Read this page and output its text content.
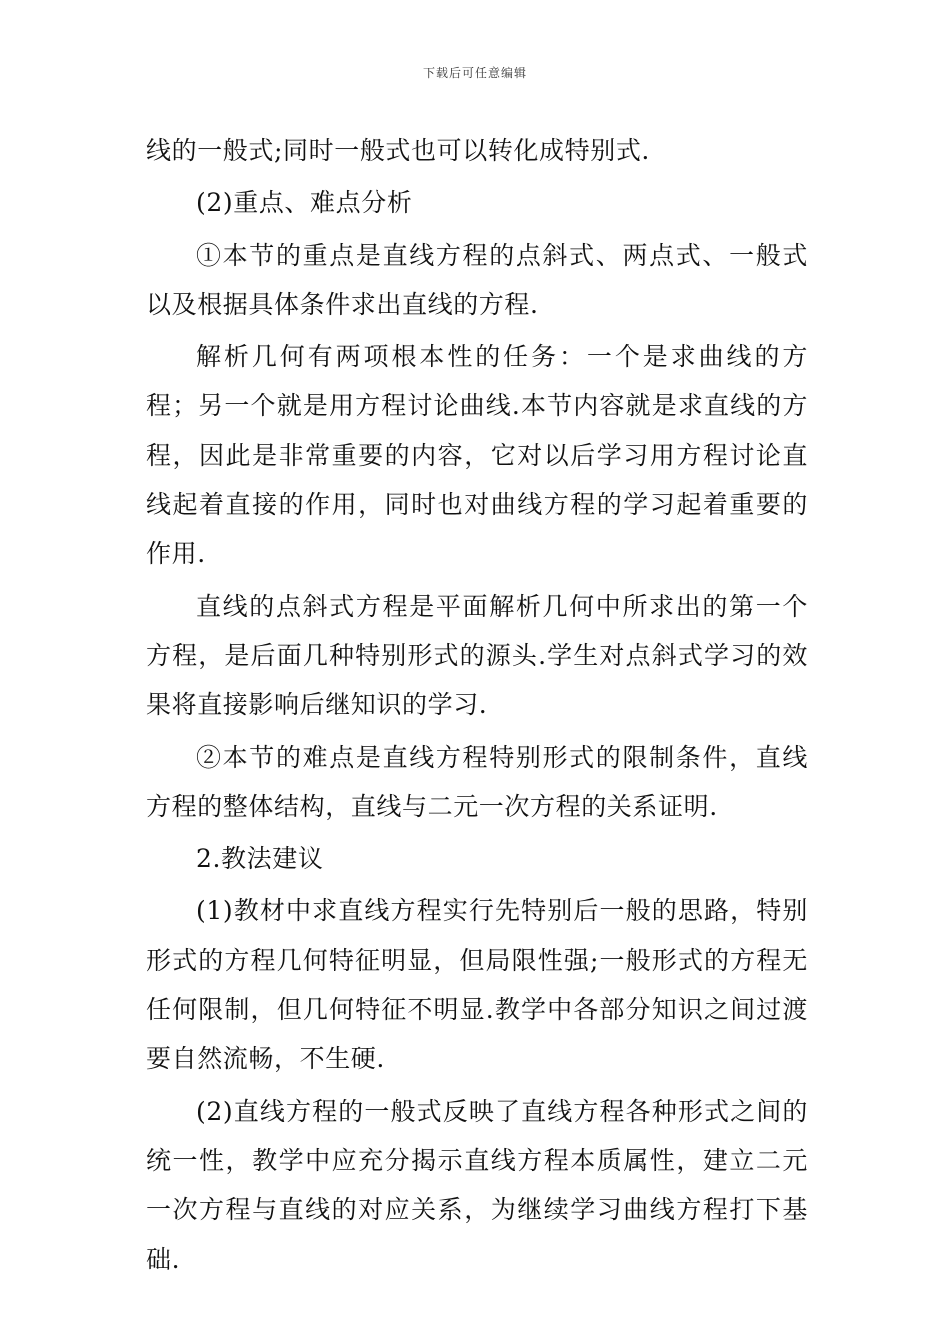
下载后可任意编辑

线的一般式;同时一般式也可以转化成特别式.

(2)重点、难点分析

①本节的重点是直线方程的点斜式、两点式、一般式以及根据具体条件求出直线的方程.

解析几何有两项根本性的任务：一个是求曲线的方程；另一个就是用方程讨论曲线.本节内容就是求直线的方程，因此是非常重要的内容，它对以后学习用方程讨论直线起着直接的作用，同时也对曲线方程的学习起着重要的作用.

直线的点斜式方程是平面解析几何中所求出的第一个方程，是后面几种特别形式的源头.学生对点斜式学习的效果将直接影响后继知识的学习.

②本节的难点是直线方程特别形式的限制条件，直线方程的整体结构，直线与二元一次方程的关系证明.

2.教法建议

(1)教材中求直线方程实行先特别后一般的思路，特别形式的方程几何特征明显，但局限性强;一般形式的方程无任何限制，但几何特征不明显.教学中各部分知识之间过渡要自然流畅，不生硬.

(2)直线方程的一般式反映了直线方程各种形式之间的统一性，教学中应充分揭示直线方程本质属性，建立二元一次方程与直线的对应关系，为继续学习曲线方程打下基础.
